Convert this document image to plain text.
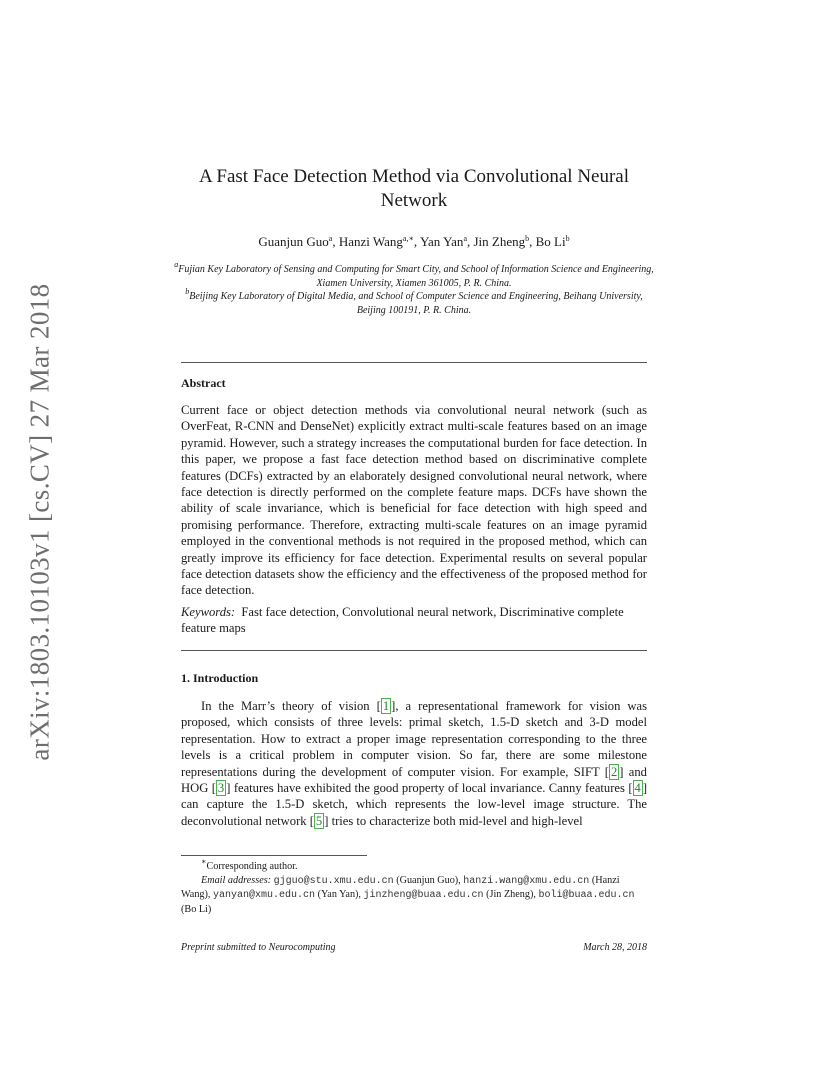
arXiv:1803.10103v1 [cs.CV] 27 Mar 2018
A Fast Face Detection Method via Convolutional Neural
Network
Guanjun Guo$^a$, Hanzi Wang$^{a,∗}$, Yan Yan$^a$, Jin Zheng$^b$, Bo Li$^b$
$^a$Fujian Key Laboratory of Sensing and Computing for Smart City, and School of Information Science and Engineering, Xiamen University, Xiamen 361005, P. R. China.
$^b$Beijing Key Laboratory of Digital Media, and School of Computer Science and Engineering, Beihang University, Beijing 100191, P. R. China.
Abstract
Current face or object detection methods via convolutional neural network (such as OverFeat, R-CNN and DenseNet) explicitly extract multi-scale features based on an image pyramid. However, such a strategy increases the computational burden for face detection. In this paper, we propose a fast face detection method based on discriminative complete features (DCFs) extracted by an elaborately designed convolutional neural network, where face detection is directly performed on the complete feature maps. DCFs have shown the ability of scale invariance, which is beneficial for face detection with high speed and promising performance. Therefore, extracting multi-scale features on an image pyramid employed in the conventional methods is not required in the proposed method, which can greatly improve its efficiency for face detection. Experimental results on several popular face detection datasets show the efficiency and the effectiveness of the proposed method for face detection.
Keywords: Fast face detection, Convolutional neural network, Discriminative complete feature maps
1. Introduction
In the Marr’s theory of vision [ 1 ], a representational framework for vision was proposed, which consists of three levels: primal sketch, 1.5-D sketch and 3-D model representation. How to extract a proper image representation corresponding to the three levels is a critical problem in computer vision. So far, there are some milestone representations during the development of computer vision. For example, SIFT [ 2 ] and HOG [ 3 ] features have exhibited the good property of local invariance. Canny features [ 4 ] can capture the 1.5-D sketch, which represents the low-level image structure. The deconvolutional network [ 5 ] tries to characterize both mid-level and high-level
∗Corresponding author.
Email addresses: gjguo@stu.xmu.edu.cn (Guanjun Guo), hanzi.wang@xmu.edu.cn (Hanzi Wang), yanyan@xmu.edu.cn (Yan Yan), jinzheng@buaa.edu.cn (Jin Zheng), boli@buaa.edu.cn (Bo Li)
Preprint submitted to Neurocomputing	March 28, 2018
